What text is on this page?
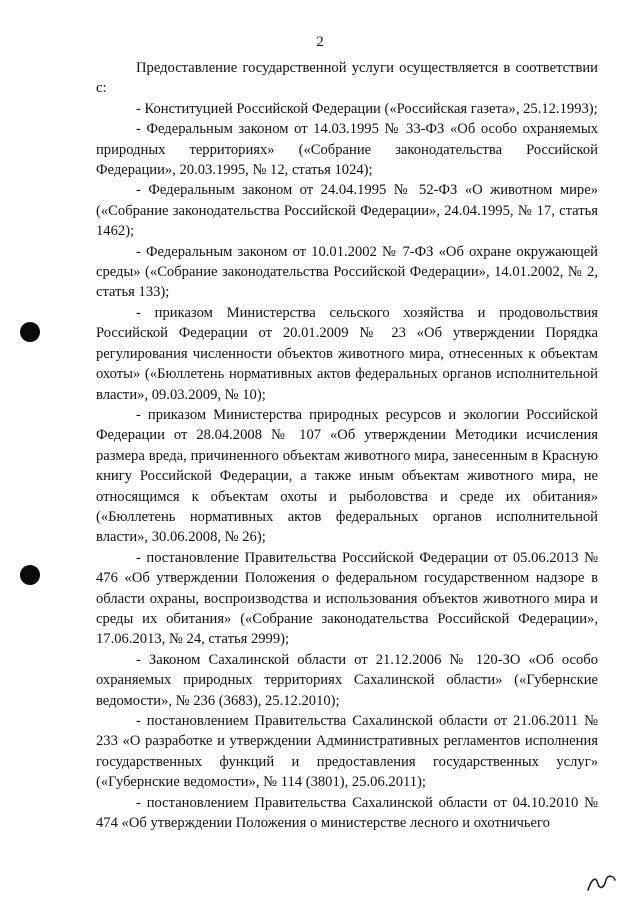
2

Предоставление государственной услуги осуществляется в соответствии с:

- Конституцией Российской Федерации («Российская газета», 25.12.1993);

- Федеральным законом от 14.03.1995 № 33-ФЗ «Об особо охраняемых природных территориях» («Собрание законодательства Российской Федерации», 20.03.1995, № 12, статья 1024);

- Федеральным законом от 24.04.1995 № 52-ФЗ «О животном мире» («Собрание законодательства Российской Федерации», 24.04.1995, № 17, статья 1462);

- Федеральным законом от 10.01.2002 № 7-ФЗ «Об охране окружающей среды» («Собрание законодательства Российской Федерации», 14.01.2002, № 2, статья 133);

- приказом Министерства сельского хозяйства и продовольствия Российской Федерации от 20.01.2009 № 23 «Об утверждении Порядка регулирования численности объектов животного мира, отнесенных к объектам охоты» («Бюллетень нормативных актов федеральных органов исполнительной власти», 09.03.2009, № 10);

- приказом Министерства природных ресурсов и экологии Российской Федерации от 28.04.2008 № 107 «Об утверждении Методики исчисления размера вреда, причиненного объектам животного мира, занесенным в Красную книгу Российской Федерации, а также иным объектам животного мира, не относящимся к объектам охоты и рыболовства и среде их обитания» («Бюллетень нормативных актов федеральных органов исполнительной власти», 30.06.2008, № 26);

- постановление Правительства Российской Федерации от 05.06.2013 № 476 «Об утверждении Положения о федеральном государственном надзоре в области охраны, воспроизводства и использования объектов животного мира и среды их обитания» («Собрание законодательства Российской Федерации», 17.06.2013, № 24, статья 2999);

- Законом Сахалинской области от 21.12.2006 № 120-ЗО «Об особо охраняемых природных территориях Сахалинской области» («Губернские ведомости», № 236 (3683), 25.12.2010);

- постановлением Правительства Сахалинской области от 21.06.2011 № 233 «О разработке и утверждении Административных регламентов исполнения государственных функций и предоставления государственных услуг» («Губернские ведомости», № 114 (3801), 25.06.2011);

- постановлением Правительства Сахалинской области от 04.10.2010 № 474 «Об утверждении Положения о министерстве лесного и охотничьего
